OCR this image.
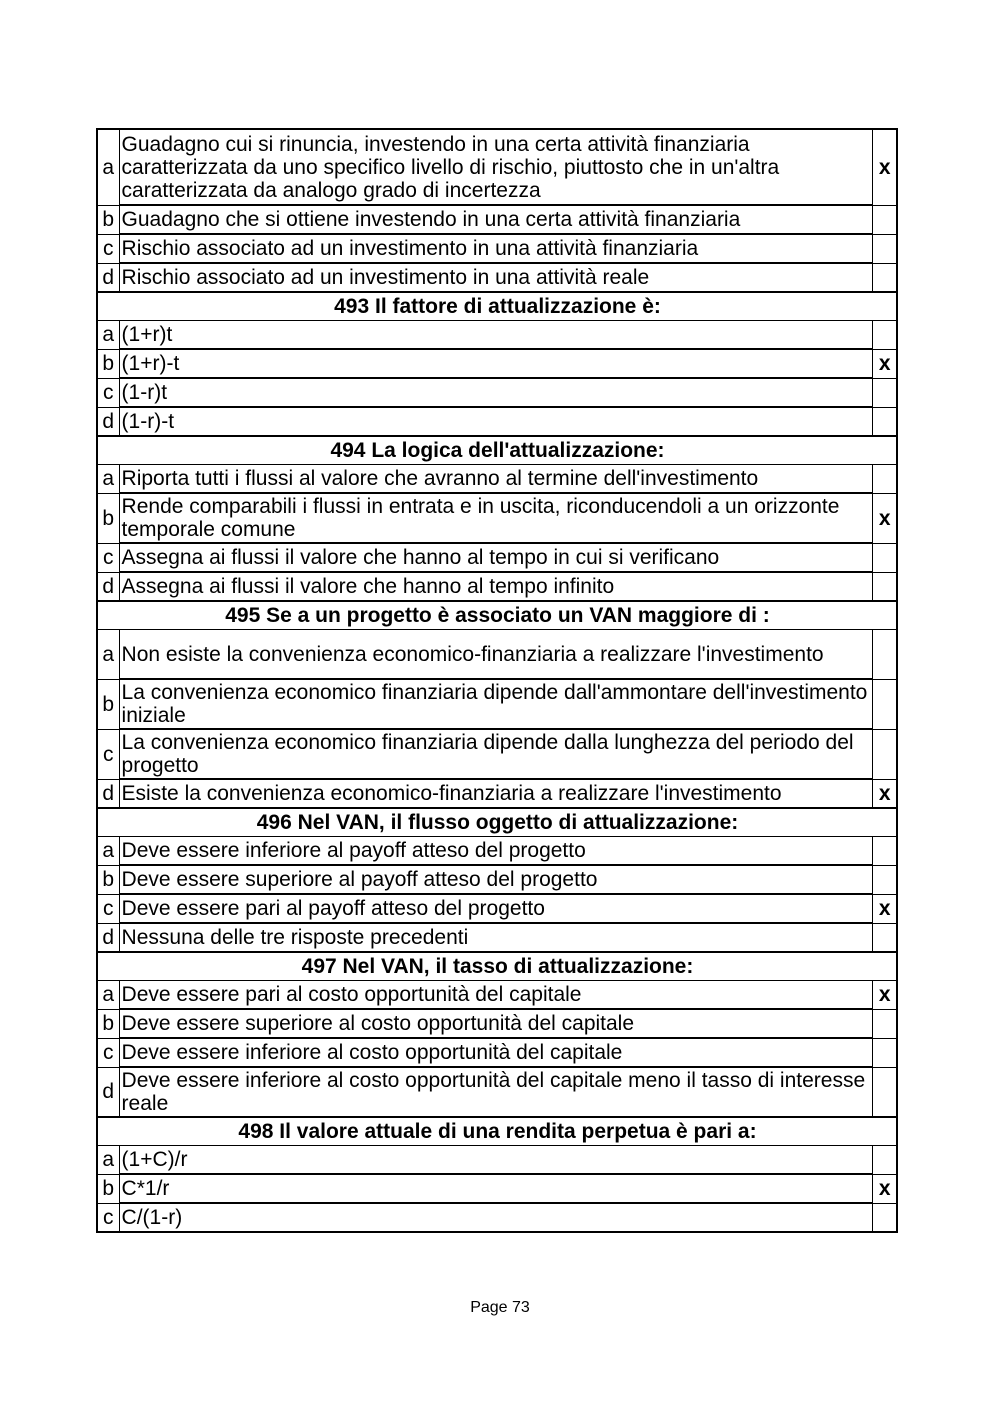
a	Guadagno cui si rinuncia, investendo in una certa attività finanziaria caratterizzata da uno specifico livello di rischio, piuttosto che in un'altra caratterizzata da analogo grado di incertezza	x
b	Guadagno che si ottiene investendo in una certa attività finanziaria	
c	Rischio associato ad un investimento in una attività finanziaria	
d	Rischio associato ad un investimento in una attività reale	
493 Il fattore di attualizzazione è:		
a	(1+r)t	
b	(1+r)-t	x
c	(1-r)t	
d	(1-r)-t	
494 La logica dell'attualizzazione:		
a	Riporta tutti i flussi al valore che avranno al termine dell'investimento	
b	Rende comparabili i flussi in entrata e in uscita, riconducendoli a un orizzonte temporale comune	x
c	Assegna ai flussi il valore che hanno al tempo in cui si verificano	
d	Assegna ai flussi il valore che hanno al tempo infinito	
495 Se a un progetto è associato un VAN maggiore di :		
a	Non esiste la convenienza economico-finanziaria a realizzare l'investimento	
b	La convenienza economico finanziaria dipende dall'ammontare dell'investimento iniziale	
c	La convenienza economico finanziaria dipende dalla lunghezza del periodo del progetto	
d	Esiste la convenienza economico-finanziaria a realizzare l'investimento	x
496 Nel VAN, il flusso oggetto di attualizzazione:		
a	Deve essere inferiore al payoff atteso del progetto	
b	Deve essere superiore al payoff atteso del progetto	
c	Deve essere pari al payoff atteso del progetto	x
d	Nessuna delle tre risposte precedenti	
497 Nel VAN, il tasso di attualizzazione:		
a	Deve essere pari al costo opportunità del capitale	x
b	Deve essere superiore al costo opportunità del capitale	
c	Deve essere inferiore al costo opportunità del capitale	
d	Deve essere inferiore al costo opportunità del capitale meno il tasso di interesse reale	
498 Il valore attuale di una rendita perpetua è pari a:		
a	(1+C)/r	
b	C*1/r	x
c	C/(1-r)	
Page 73
